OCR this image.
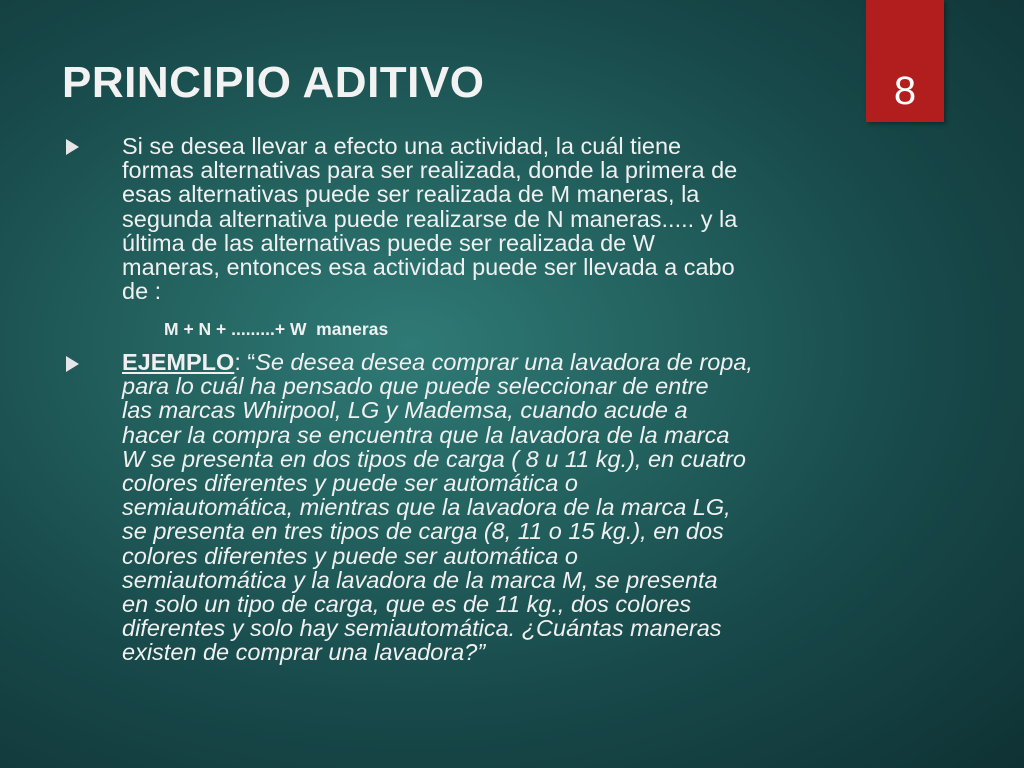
8
PRINCIPIO ADITIVO
Si se desea llevar a efecto una actividad, la cuál tiene
formas alternativas para ser realizada, donde la primera de
esas alternativas puede ser realizada de M maneras, la
segunda alternativa puede realizarse de N maneras..... y la
última de las alternativas puede ser realizada de W
maneras, entonces esa actividad puede ser llevada a cabo
de :
M + N + .........+ W  maneras
EJEMPLO: “Se desea desea comprar una lavadora de ropa,
para lo cuál ha pensado que puede seleccionar de entre
las marcas Whirpool, LG y Mademsa, cuando acude a
hacer la compra se encuentra que la lavadora de la marca
W se presenta en dos tipos de carga ( 8 u 11 kg.), en cuatro
colores diferentes y puede ser automática o
semiautomática, mientras que la lavadora de la marca LG,
se presenta en tres tipos de carga (8, 11 o 15 kg.), en dos
colores diferentes y puede ser automática o
semiautomática y la lavadora de la marca M, se presenta
en solo un tipo de carga, que es de 11 kg., dos colores
diferentes y solo hay semiautomática. ¿Cuántas maneras
existen de comprar una lavadora?”
